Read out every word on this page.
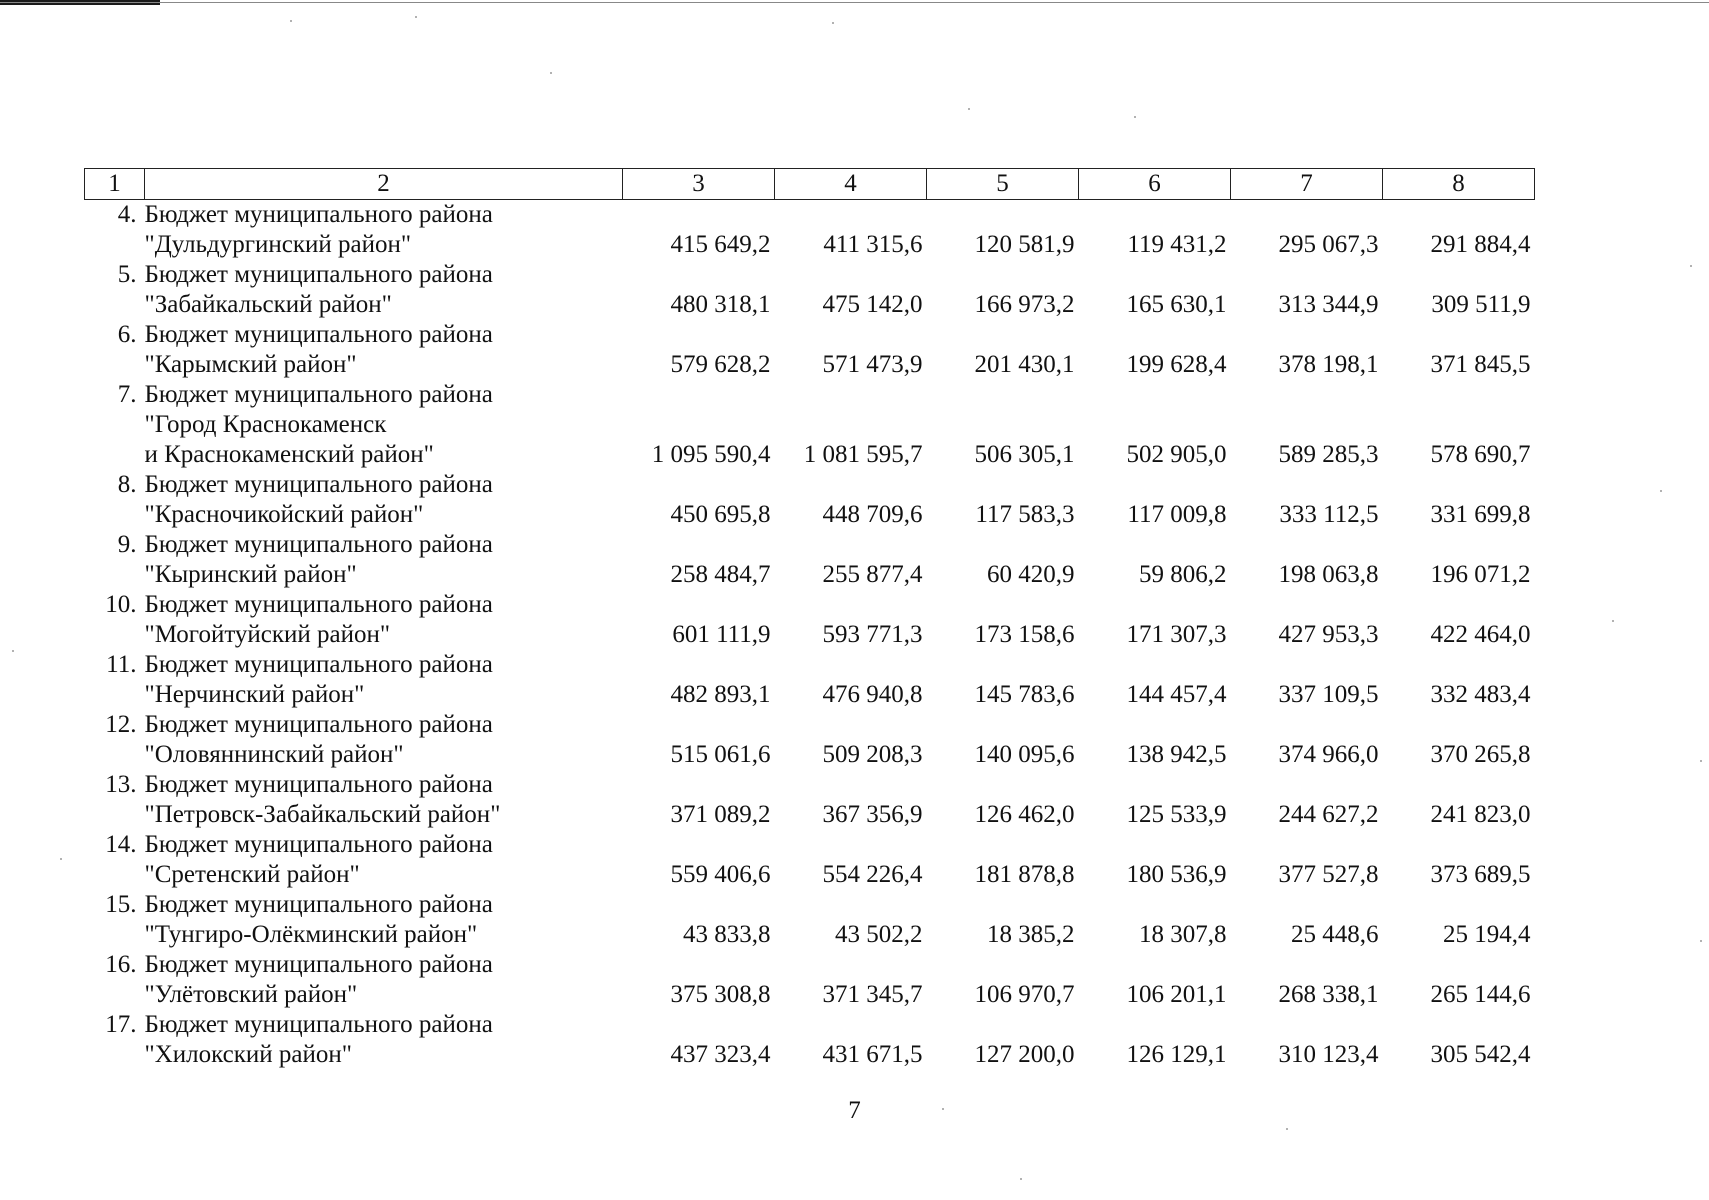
1	2	3	4	5	6	7	8
4.	Бюджет муниципального района
"Дульдургинский район"	415 649,2	411 315,6	120 581,9	119 431,2	295 067,3	291 884,4
5.	Бюджет муниципального района
"Забайкальский район"	480 318,1	475 142,0	166 973,2	165 630,1	313 344,9	309 511,9
6.	Бюджет муниципального района
"Карымский район"	579 628,2	571 473,9	201 430,1	199 628,4	378 198,1	371 845,5
7.	Бюджет муниципального района
"Город Краснокаменск
и Краснокаменский район"	1 095 590,4	1 081 595,7	506 305,1	502 905,0	589 285,3	578 690,7
8.	Бюджет муниципального района
"Красночикойский район"	450 695,8	448 709,6	117 583,3	117 009,8	333 112,5	331 699,8
9.	Бюджет муниципального района
"Кыринский район"	258 484,7	255 877,4	60 420,9	59 806,2	198 063,8	196 071,2
10.	Бюджет муниципального района
"Могойтуйский район"	601 111,9	593 771,3	173 158,6	171 307,3	427 953,3	422 464,0
11.	Бюджет муниципального района
"Нерчинский район"	482 893,1	476 940,8	145 783,6	144 457,4	337 109,5	332 483,4
12.	Бюджет муниципального района
"Оловяннинский район"	515 061,6	509 208,3	140 095,6	138 942,5	374 966,0	370 265,8
13.	Бюджет муниципального района
"Петровск-Забайкальский район"	371 089,2	367 356,9	126 462,0	125 533,9	244 627,2	241 823,0
14.	Бюджет муниципального района
"Сретенский район"	559 406,6	554 226,4	181 878,8	180 536,9	377 527,8	373 689,5
15.	Бюджет муниципального района
"Тунгиро-Олёкминский район"	43 833,8	43 502,2	18 385,2	18 307,8	25 448,6	25 194,4
16.	Бюджет муниципального района
"Улётовский район"	375 308,8	371 345,7	106 970,7	106 201,1	268 338,1	265 144,6
17.	Бюджет муниципального района
"Хилокский район"	437 323,4	431 671,5	127 200,0	126 129,1	310 123,4	305 542,4
7
